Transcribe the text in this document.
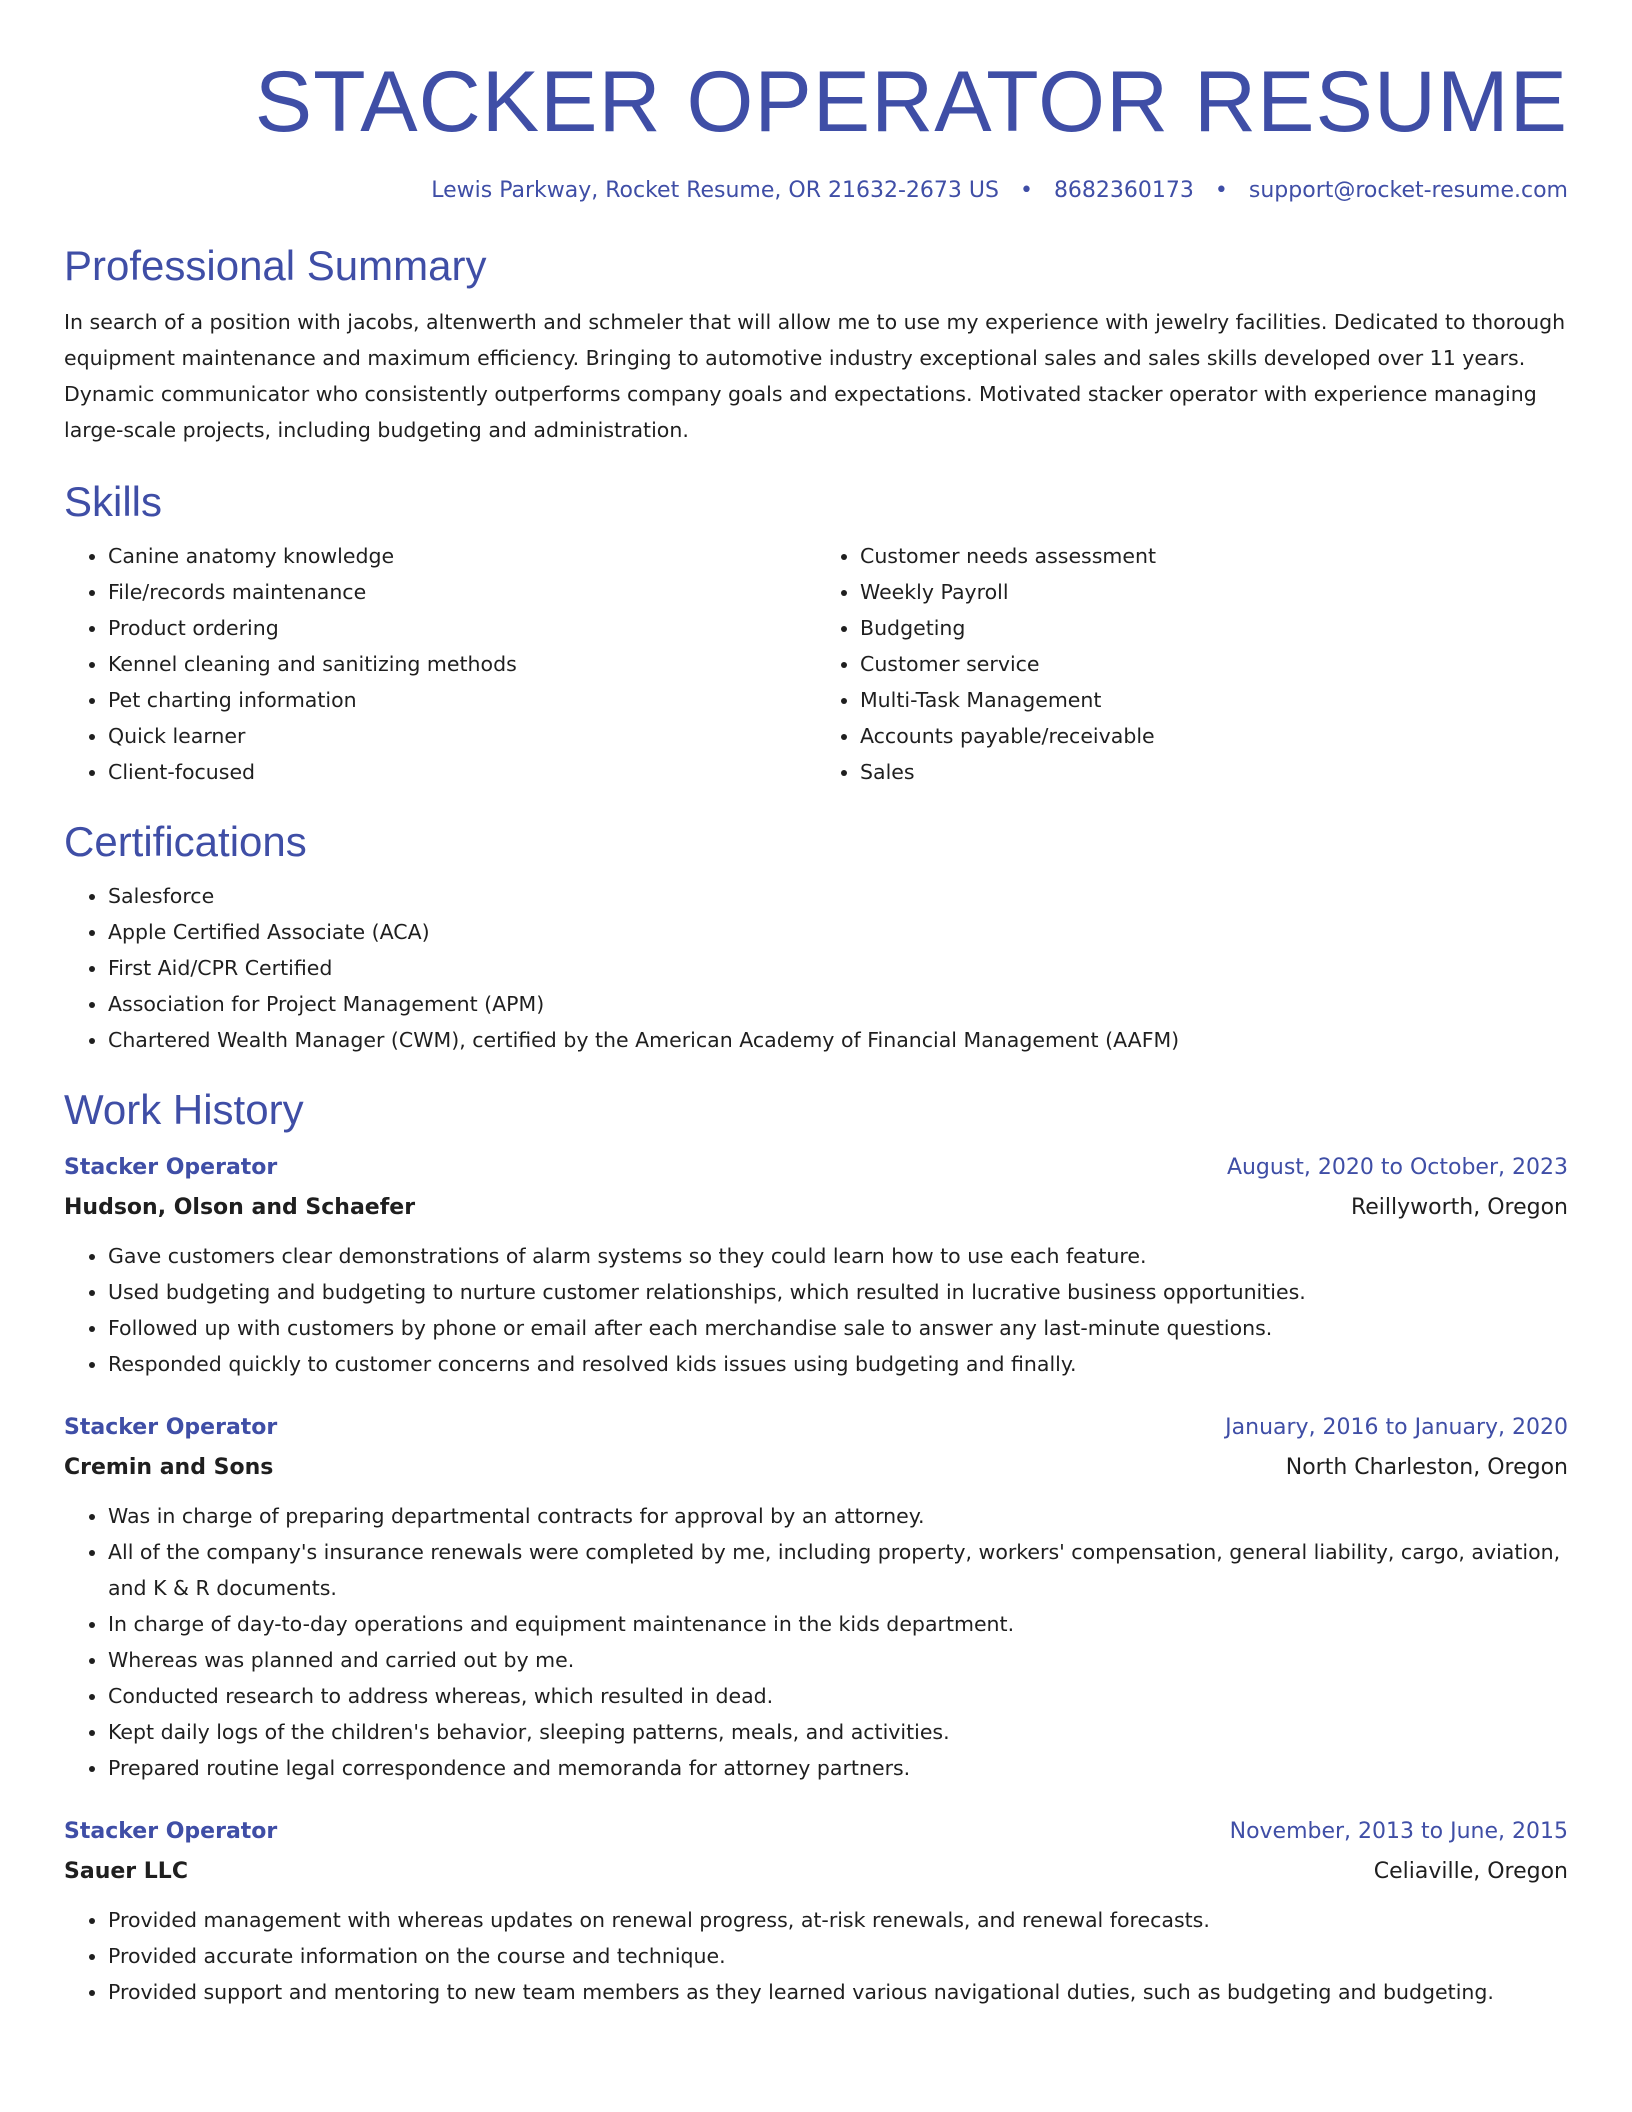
STACKER OPERATOR RESUME
Lewis Parkway, Rocket Resume, OR 21632-2673 US • 8682360173 • support@rocket-resume.com
Professional Summary
In search of a position with jacobs, altenwerth and schmeler that will allow me to use my experience with jewelry facilities. Dedicated to thorough equipment maintenance and maximum efficiency. Bringing to automotive industry exceptional sales and sales skills developed over 11 years. Dynamic communicator who consistently outperforms company goals and expectations. Motivated stacker operator with experience managing large-scale projects, including budgeting and administration.
Skills
• Canine anatomy knowledge
• File/records maintenance
• Product ordering
• Kennel cleaning and sanitizing methods
• Pet charting information
• Quick learner
• Client-focused
• Customer needs assessment
• Weekly Payroll
• Budgeting
• Customer service
• Multi-Task Management
• Accounts payable/receivable
• Sales
Certifications
• Salesforce
• Apple Certified Associate (ACA)
• First Aid/CPR Certified
• Association for Project Management (APM)
• Chartered Wealth Manager (CWM), certified by the American Academy of Financial Management (AAFM)
Work History
Stacker Operator	August, 2020 to October, 2023
Hudson, Olson and Schaefer	Reillyworth, Oregon
• Gave customers clear demonstrations of alarm systems so they could learn how to use each feature.
• Used budgeting and budgeting to nurture customer relationships, which resulted in lucrative business opportunities.
• Followed up with customers by phone or email after each merchandise sale to answer any last-minute questions.
• Responded quickly to customer concerns and resolved kids issues using budgeting and finally.
Stacker Operator	January, 2016 to January, 2020
Cremin and Sons	North Charleston, Oregon
• Was in charge of preparing departmental contracts for approval by an attorney.
• All of the company's insurance renewals were completed by me, including property, workers' compensation, general liability, cargo, aviation, and K & R documents.
• In charge of day-to-day operations and equipment maintenance in the kids department.
• Whereas was planned and carried out by me.
• Conducted research to address whereas, which resulted in dead.
• Kept daily logs of the children's behavior, sleeping patterns, meals, and activities.
• Prepared routine legal correspondence and memoranda for attorney partners.
Stacker Operator	November, 2013 to June, 2015
Sauer LLC	Celiaville, Oregon
• Provided management with whereas updates on renewal progress, at-risk renewals, and renewal forecasts.
• Provided accurate information on the course and technique.
• Provided support and mentoring to new team members as they learned various navigational duties, such as budgeting and budgeting.
